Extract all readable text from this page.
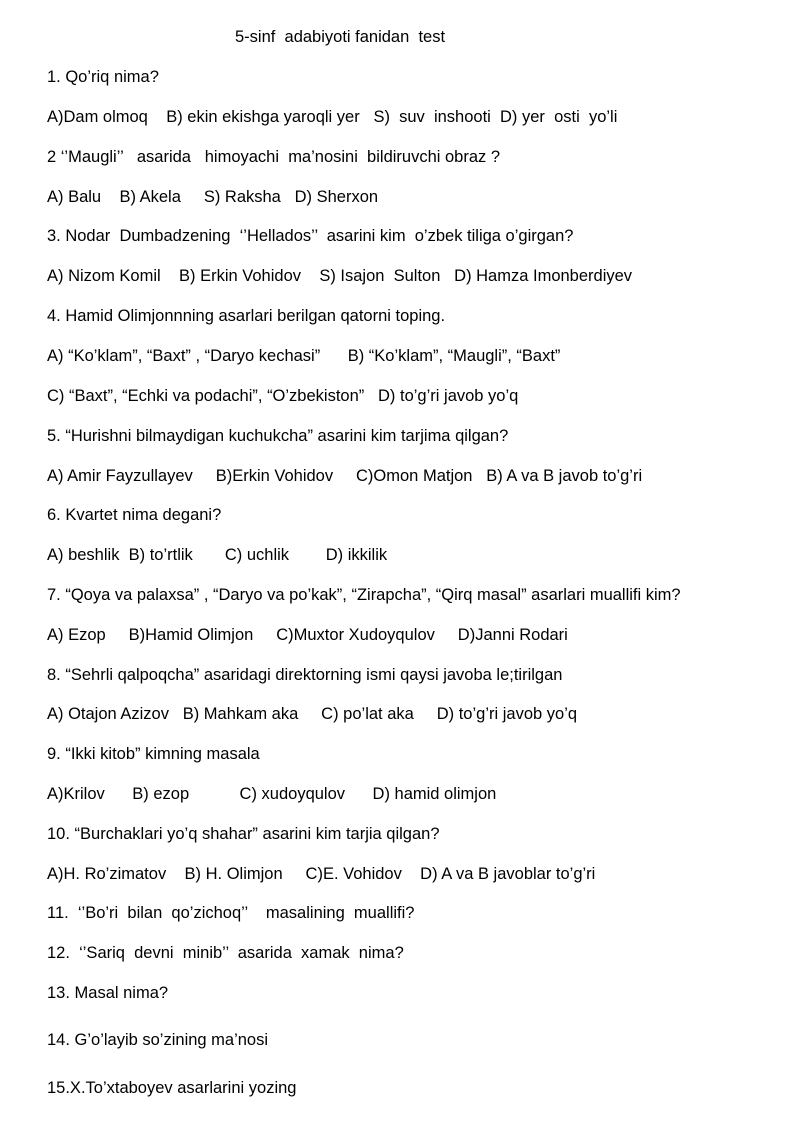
5-sinf  adabiyoti fanidan  test
1. Qo’riq nima?
A)Dam olmoq    B) ekin ekishga yaroqli yer   S)  suv  inshooti  D) yer  osti  yo’li
2 ‘’Maugli’’   asarida   himoyachi  ma’nosini  bildiruvchi obraz ?
A) Balu    B) Akela     S) Raksha   D) Sherxon
3. Nodar  Dumbadzening  ‘’Hellados’’  asarini kim  o’zbek tiliga o’girgan?
A) Nizom Komil    B) Erkin Vohidov    S) Isajon  Sulton   D) Hamza Imonberdiyev
4. Hamid Olimjonnning asarlari berilgan qatorni toping.
A) “Ko’klam”, “Baxt” , “Daryo kechasi”      B) “Ko’klam”, “Maugli”, “Baxt”
C) “Baxt”, “Echki va podachi”, “O’zbekiston”   D) to’g’ri javob yo’q
5. “Hurishni bilmaydigan kuchukcha” asarini kim tarjima qilgan?
A) Amir Fayzullayev     B)Erkin Vohidov     C)Omon Matjon   B) A va B javob to’g’ri
6. Kvartet nima degani?
A) beshlik  B) to’rtlik       C) uchlik        D) ikkilik
7. “Qoya va palaxsa” , “Daryo va po’kak”, “Zirapcha”, “Qirq masal” asarlari muallifi kim?
A) Ezop     B)Hamid Olimjon     C)Muxtor Xudoyqulov     D)Janni Rodari
8. “Sehrli qalpoqcha” asaridagi direktorning ismi qaysi javoba le;tirilgan
A) Otajon Azizov   B) Mahkam aka     C) po’lat aka     D) to’g’ri javob yo’q
9. “Ikki kitob” kimning masala
A)Krilov      B) ezop           C) xudoyqulov      D) hamid olimjon
10. “Burchaklari yo’q shahar” asarini kim tarjia qilgan?
A)H. Ro’zimatov    B) H. Olimjon     C)E. Vohidov    D) A va B javoblar to’g’ri
11.  ‘’Bo’ri  bilan  qo’zichoq’’    masalining  muallifi?
12.  ‘’Sariq  devni  minib’’  asarida  xamak  nima?
13. Masal nima?
14. G’o’layib so’zining ma’nosi
15.X.To’xtaboyev asarlarini yozing
